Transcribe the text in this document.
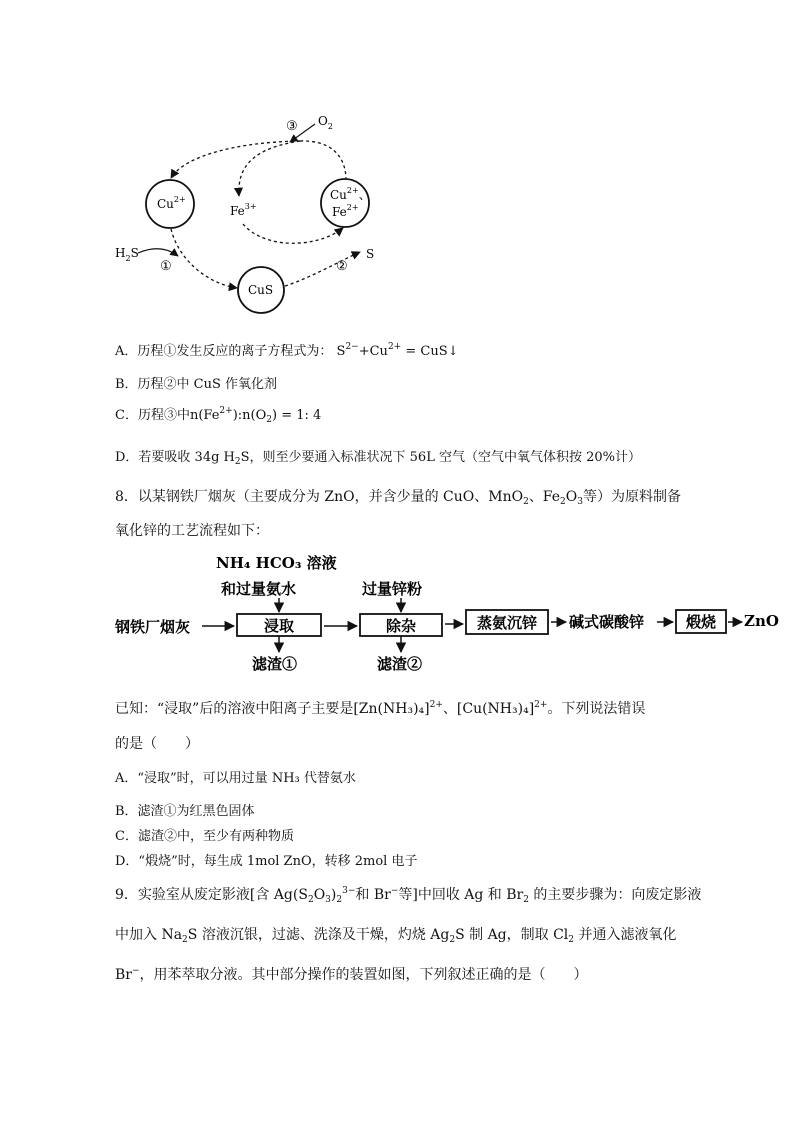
$Cu^{2+}$
$Fe^{3+}$
$Cu^{2+}$、
$Fe^{2+}$
CuS
$H_2S$
$O_2$
S
①	②
③
A．历程①发生反应的离子方程式为： $S^{2-}+Cu^{2+}$ = CuS↓
B．历程②中 CuS 作氧化剂
C．历程③中$n(Fe^{2+}):n(O_2) = 1$: 4
D．若要吸收 34g $H_2S$，则至少要通入标准状况下 56L 空气（空气中氧气体积按 20%计）
8．以某钢铁厂烟灰（主要成分为 ZnO，并含少量的 CuO、MnO$_2$、$Fe_2O_3$等）为原料制备
氧化锌的工艺流程如下：
NH₄ HCO₃ 溶液
和过量氨水	过量锌粉
钢铁厂烟灰	碱式碳酸锌	ZnO
滤渣①	滤渣②
浸取	除杂	蒸氨沉锌	煅烧
已知：“浸取”后的溶液中阳离子主要是$[Zn(NH_3)_4]^{2+}$、$[Cu(NH_3)_4]^{2+}$。下列说法错误
的是（　　）
A．“浸取”时，可以用过量 NH₃ 代替氨水
B．滤渣①为红黑色固体
C．滤渣②中，至少有两种物质
D．“煅烧”时，每生成 1mol ZnO，转移 2mol 电子
9．实验室从废定影液[含 $Ag(S_2O_3)_2^{3-}$和 Br−等]中回收 Ag 和 $Br_2$ 的主要步骤为：向废定影液
中加入 $Na_2S$ 溶液沉银，过滤、洗涤及干燥，灼烧 $Ag_2S$ 制 Ag，制取 $Cl_2$ 并通入滤液氧化
Br−，用苯萃取分液。其中部分操作的装置如图，下列叙述正确的是（　　）
